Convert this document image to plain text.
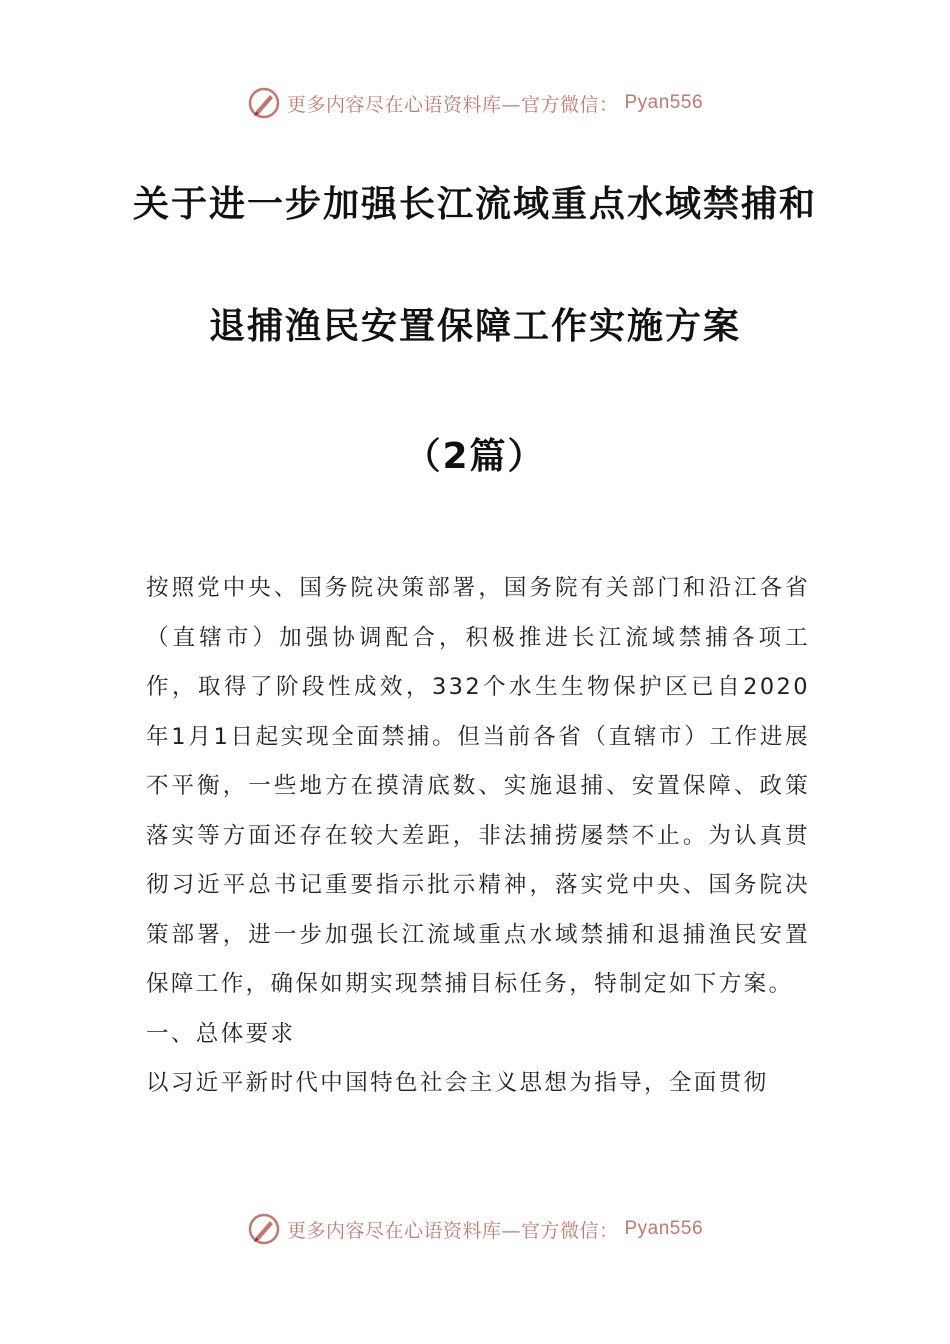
更多内容尽在心语资料库—官方微信： Pyan556
关于进一步加强长江流域重点水域禁捕和
退捕渔民安置保障工作实施方案
（2篇）

按照党中央、国务院决策部署，国务院有关部门和沿江各省（直辖市）加强协调配合，积极推进长江流域禁捕各项工作，取得了阶段性成效，332个水生生物保护区已自2020年1月1日起实现全面禁捕。但当前各省（直辖市）工作进展不平衡，一些地方在摸清底数、实施退捕、安置保障、政策落实等方面还存在较大差距，非法捕捞屡禁不止。为认真贯彻习近平总书记重要指示批示精神，落实党中央、国务院决策部署，进一步加强长江流域重点水域禁捕和退捕渔民安置保障工作，确保如期实现禁捕目标任务，特制定如下方案。

一、总体要求

以习近平新时代中国特色社会主义思想为指导，全面贯彻

更多内容尽在心语资料库—官方微信： Pyan556
